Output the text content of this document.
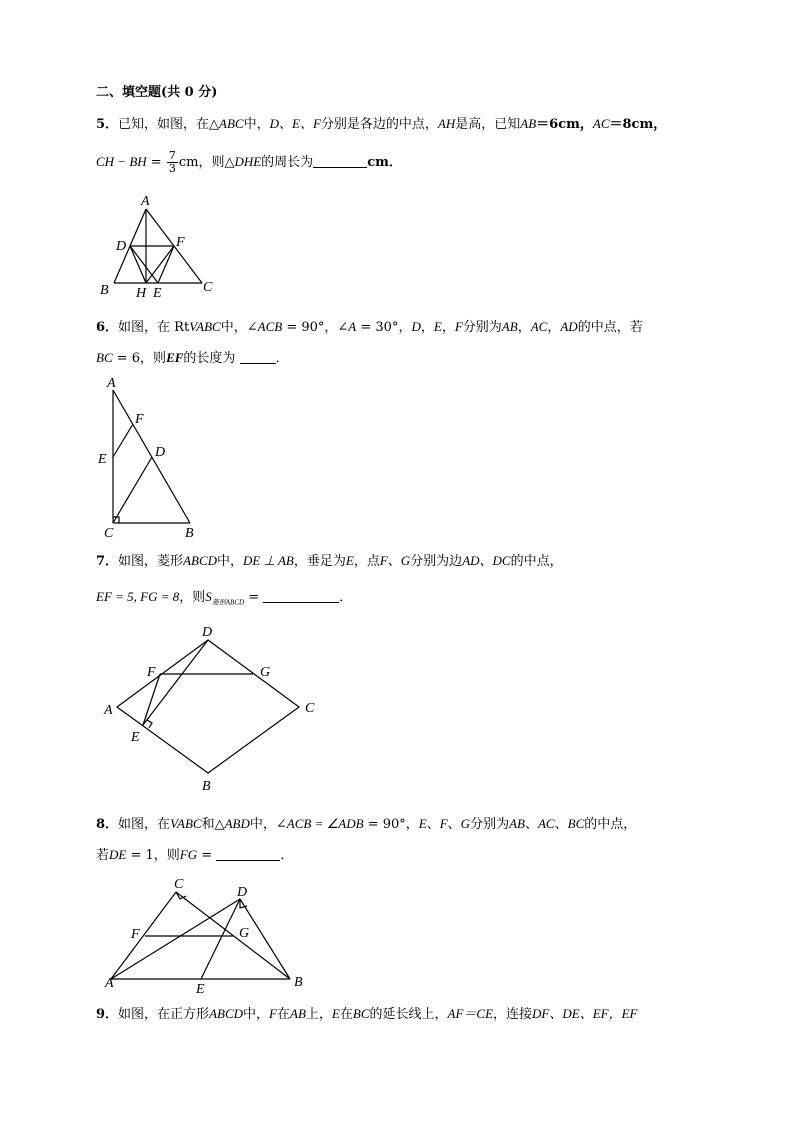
二、填空题(共 0 分)
5．已知，如图，在△ABC中，D、E、F分别是各边的中点，AH是高，已知AB＝6cm，AC＝8cm，
CH − BH = $\frac{7}{3}$ cm，则△DHE的周长为	cm．
A
B	C
D
E
F
H
6．如图，在 RtVABC中，∠ACB = 90°，∠A = 30°，D，E，F分别为AB，AC，AD的中点，若
BC = 6，则EF的长度为	．
A
B
C
D
E
F
7．如图，菱形ABCD中，DE ⊥ AB，垂足为E，点F、G分别为边AD、DC的中点，
EF = 5, FG = 8，则$S_{菱形ABCD}$ =	．
A
B
C
D
E
F	G
8．如图，在VABC和△ABD中，∠ACB = ∠ADB = 90°，E、F、G分别为AB、AC、BC的中点，
若DE = 1，则FG =	．
A	B
C
D
E
F	G
9．如图，在正方形ABCD中，F在AB上，E在BC的延长线上，AF＝CE，连接DF、DE、EF，EF
